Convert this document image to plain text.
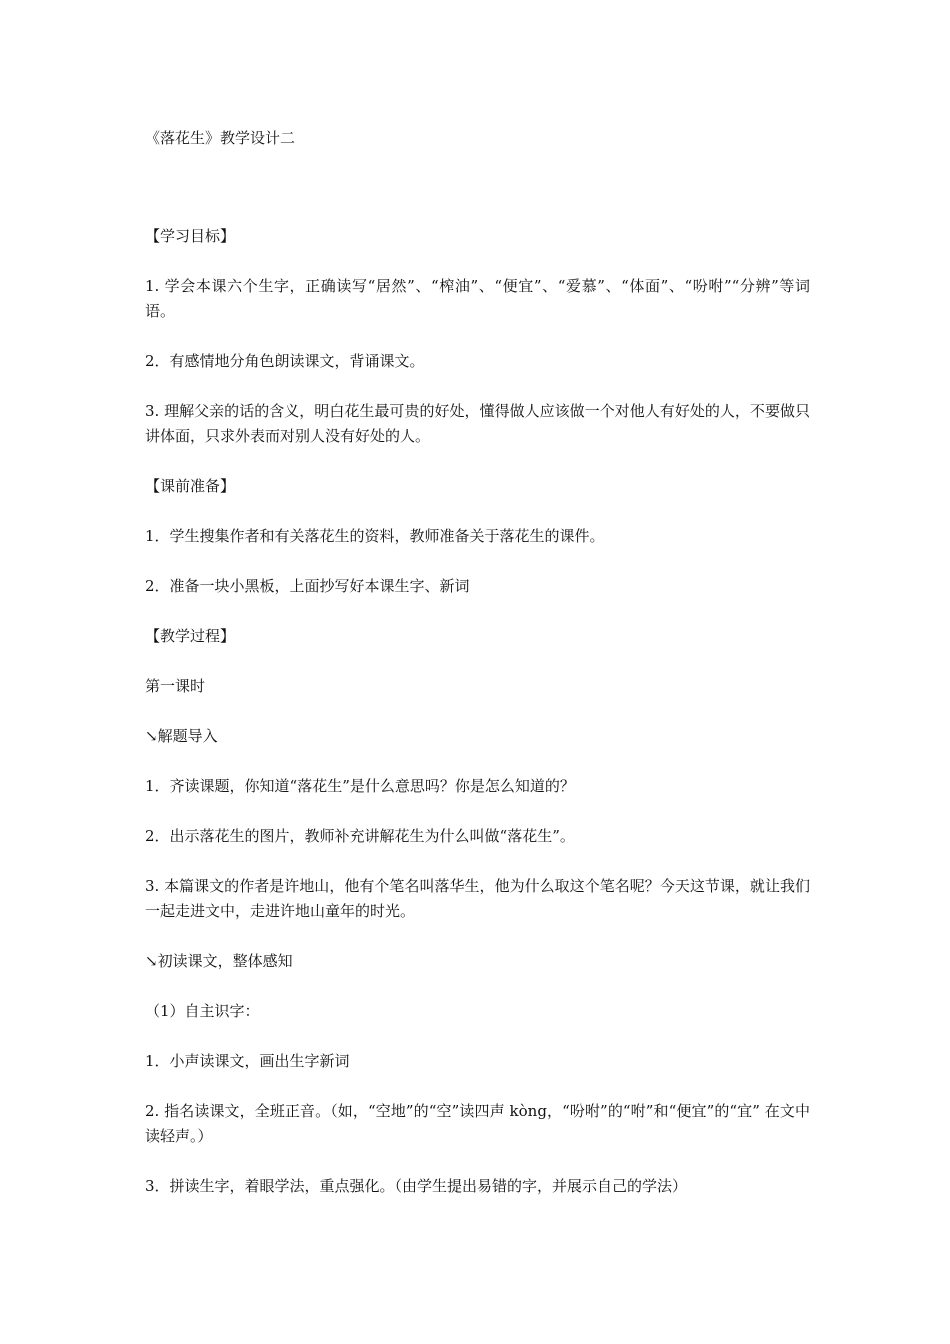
《落花生》教学设计二

【学习目标】

1. 学会本课六个生字，正确读写“居然”、“榨油”、“便宜”、“爱慕”、“体面”、“吩咐”“分辨”等词语。

2．有感情地分角色朗读课文，背诵课文。

3. 理解父亲的话的含义，明白花生最可贵的好处，懂得做人应该做一个对他人有好处的人，不要做只讲体面，只求外表而对别人没有好处的人。

【课前准备】

1．学生搜集作者和有关落花生的资料，教师准备关于落花生的课件。

2．准备一块小黑板，上面抄写好本课生字、新词

【教学过程】

第一课时

↘解题导入

1．齐读课题，你知道“落花生”是什么意思吗？你是怎么知道的？

2．出示落花生的图片，教师补充讲解花生为什么叫做“落花生”。

3. 本篇课文的作者是许地山，他有个笔名叫落华生，他为什么取这个笔名呢？今天这节课，就让我们一起走进文中，走进许地山童年的时光。

↘初读课文，整体感知

（1）自主识字：

1．小声读课文，画出生字新词

2. 指名读课文，全班正音。（如，“空地”的“空”读四声 kòng，“吩咐”的“咐”和“便宜”的“宜” 在文中读轻声。）

3．拼读生字，着眼学法，重点强化。（由学生提出易错的字，并展示自己的学法）
